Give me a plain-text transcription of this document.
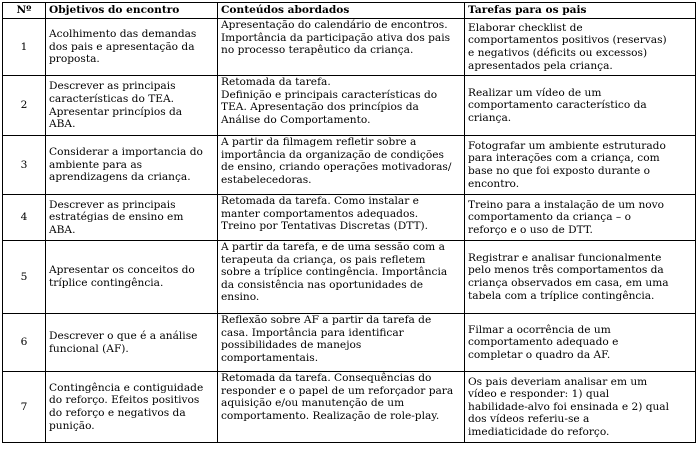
Nº	Objetivos do encontro	Conteúdos abordados	Tarefas para os pais
1	Acolhimento das demandas
dos pais e apresentação da
proposta.	Apresentação do calendário de encontros.
Importância da participação ativa dos pais
no processo terapêutico da criança.	Elaborar checklist de
comportamentos positivos (reservas)
e negativos (déficits ou excessos)
apresentados pela criança.
2	Descrever as principais
características do TEA.
Apresentar princípios da
ABA.	Retomada da tarefa.
Definição e principais características do
TEA. Apresentação dos princípios da
Análise do Comportamento.	Realizar um vídeo de um
comportamento característico da
criança.
3	Considerar a importancia do
ambiente para as
aprendizagens da criança.	A partir da filmagem refletir sobre a
importância da organização de condições
de ensino, criando operações motivadoras/
estabelecedoras.	Fotografar um ambiente estruturado
para interações com a criança, com
base no que foi exposto durante o
encontro.
4	Descrever as principais
estratégias de ensino em
ABA.	Retomada da tarefa. Como instalar e
manter comportamentos adequados.
Treino por Tentativas Discretas (DTT).	Treino para a instalação de um novo
comportamento da criança – o
reforço e o uso de DTT.
5	Apresentar os conceitos do
tríplice contingência.	A partir da tarefa, e de uma sessão com a
terapeuta da criança, os pais refletem
sobre a tríplice contingência. Importância
da consistência nas oportunidades de
ensino.	Registrar e analisar funcionalmente
pelo menos três comportamentos da
criança observados em casa, em uma
tabela com a tríplice contingência.
6	Descrever o que é a análise
funcional (AF).	Reflexão sobre AF a partir da tarefa de
casa. Importância para identificar
possibilidades de manejos
comportamentais.	Filmar a ocorrência de um
comportamento adequado e
completar o quadro da AF.
7	Contingência e contiguidade
do reforço. Efeitos positivos
do reforço e negativos da
punição.	Retomada da tarefa. Consequências do
responder e o papel de um reforçador para
aquisição e/ou manutenção de um
comportamento. Realização de role-play.	Os pais deveriam analisar em um
vídeo e responder: 1) qual
habilidade-alvo foi ensinada e 2) qual
dos vídeos referiu-se a
imediaticidade do reforço.
